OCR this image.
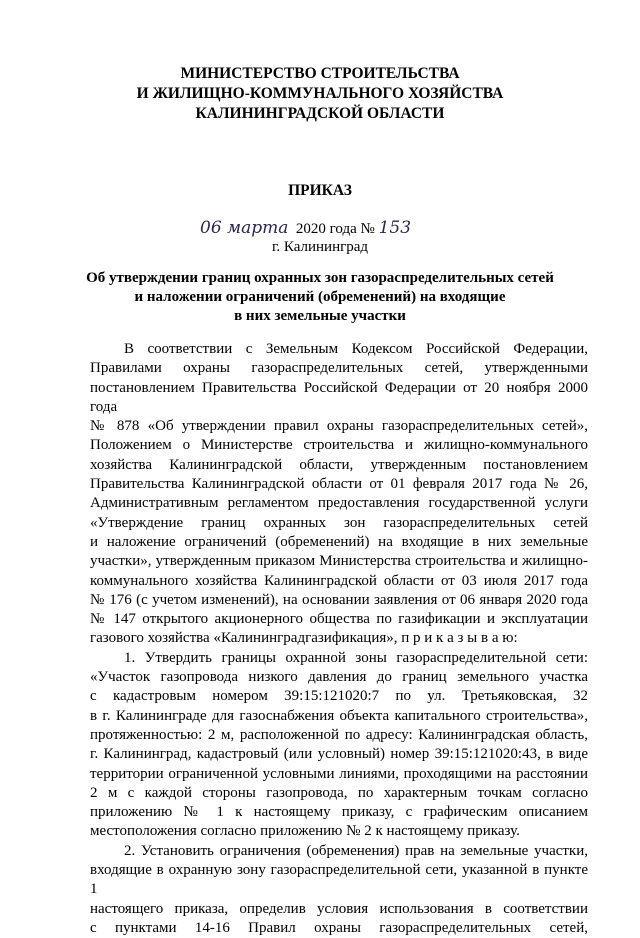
МИНИСТЕРСТВО СТРОИТЕЛЬСТВА
И ЖИЛИЩНО-КОММУНАЛЬНОГО ХОЗЯЙСТВА
КАЛИНИНГРАДСКОЙ ОБЛАСТИ
ПРИКАЗ
06 марта 2020 года № 153
г. Калининград
Об утверждении границ охранных зон газораспределительных сетей
и наложении ограничений (обременений) на входящие
в них земельные участки

В соответствии с Земельным Кодексом Российской Федерации,

Правилами охраны газораспределительных сетей, утвержденными

постановлением Правительства Российской Федерации от 20 ноября 2000 года

№ 878 «Об утверждении правил охраны газораспределительных сетей»,

Положением о Министерстве строительства и жилищно-коммунального

хозяйства Калининградской области, утвержденным постановлением

Правительства Калининградской области от 01 февраля 2017 года № 26,

Административным регламентом предоставления государственной услуги

«Утверждение границ охранных зон газораспределительных сетей

и наложение ограничений (обременений) на входящие в них земельные

участки», утвержденным приказом Министерства строительства и жилищно-

коммунального хозяйства Калининградской области от 03 июля 2017 года

№ 176 (с учетом изменений), на основании заявления от 06 января 2020 года

№ 147 открытого акционерного общества по газификации и эксплуатации

газового хозяйства «Калининградгазификация», п р и к а з ы в а ю:

1. Утвердить границы охранной зоны газораспределительной сети:

«Участок газопровода низкого давления до границ земельного участка

с кадастровым номером 39:15:121020:7 по ул. Третьяковская, 32

в г. Калининграде для газоснабжения объекта капитального строительства»,

протяженностью: 2 м, расположенной по адресу: Калининградская область,

г. Калининград, кадастровый (или условный) номер 39:15:121020:43, в виде

территории ограниченной условными линиями, проходящими на расстоянии

2 м с каждой стороны газопровода, по характерным точкам согласно

приложению № 1 к настоящему приказу, с графическим описанием

местоположения согласно приложению № 2 к настоящему приказу.

2. Установить ограничения (обременения) прав на земельные участки,

входящие в охранную зону газораспределительной сети, указанной в пункте 1

настоящего приказа, определив условия использования в соответствии

с пунктами 14-16 Правил охраны газораспределительных сетей,
